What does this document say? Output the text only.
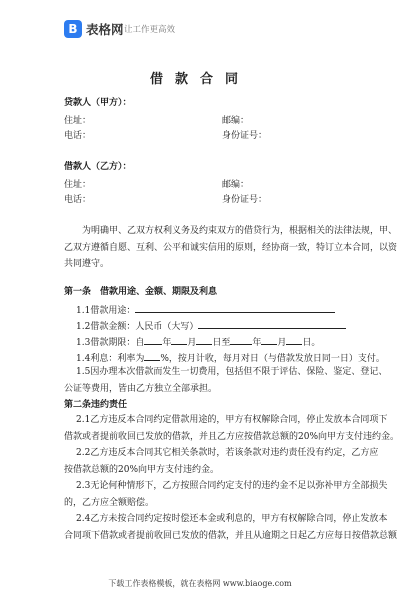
B 表格网 让工作更高效
借款合同
贷款人（甲方）：
住址：	邮编：
电话：	身份证号：
借款人（乙方）：
住址：	邮编：
电话：	身份证号：
为明确甲、乙双方权利义务及约束双方的借贷行为，根据相关的法律法规，甲、
乙双方遵循自愿、互利、公平和诚实信用的原则，经协商一致，特订立本合同，以资
共同遵守。
第一条　借款用途、金额、期限及利息
1.1借款用途：
1.2借款金额：人民币（大写）
1.3借款期限：自 年 月 日至 年 月 日。
1.4利息：利率为 %，按月计收，每月对日（与借款发放日同一日）支付。
1.5因办理本次借款而发生一切费用，包括但不限于评估、保险、鉴定、登记、
公证等费用，皆由乙方独立全部承担。
第二条违约责任
2.1乙方违反本合同约定借款用途的，甲方有权解除合同，停止发放本合同项下
借款或者提前收回已发放的借款，并且乙方应按借款总额的20%向甲方支付违约金。
2.2乙方违反本合同其它相关条款时，若该条款对违约责任没有约定，乙方应
按借款总额的20%向甲方支付违约金。
2.3无论何种情形下，乙方按照合同约定支付的违约金不足以弥补甲方全部损失
的，乙方应全额赔偿。
2.4乙方未按合同约定按时偿还本金或利息的，甲方有权解除合同，停止发放本
合同项下借款或者提前收回已发放的借款，并且从逾期之日起乙方应每日按借款总额
下载工作表格模板，就在表格网 www.biaoge.com
